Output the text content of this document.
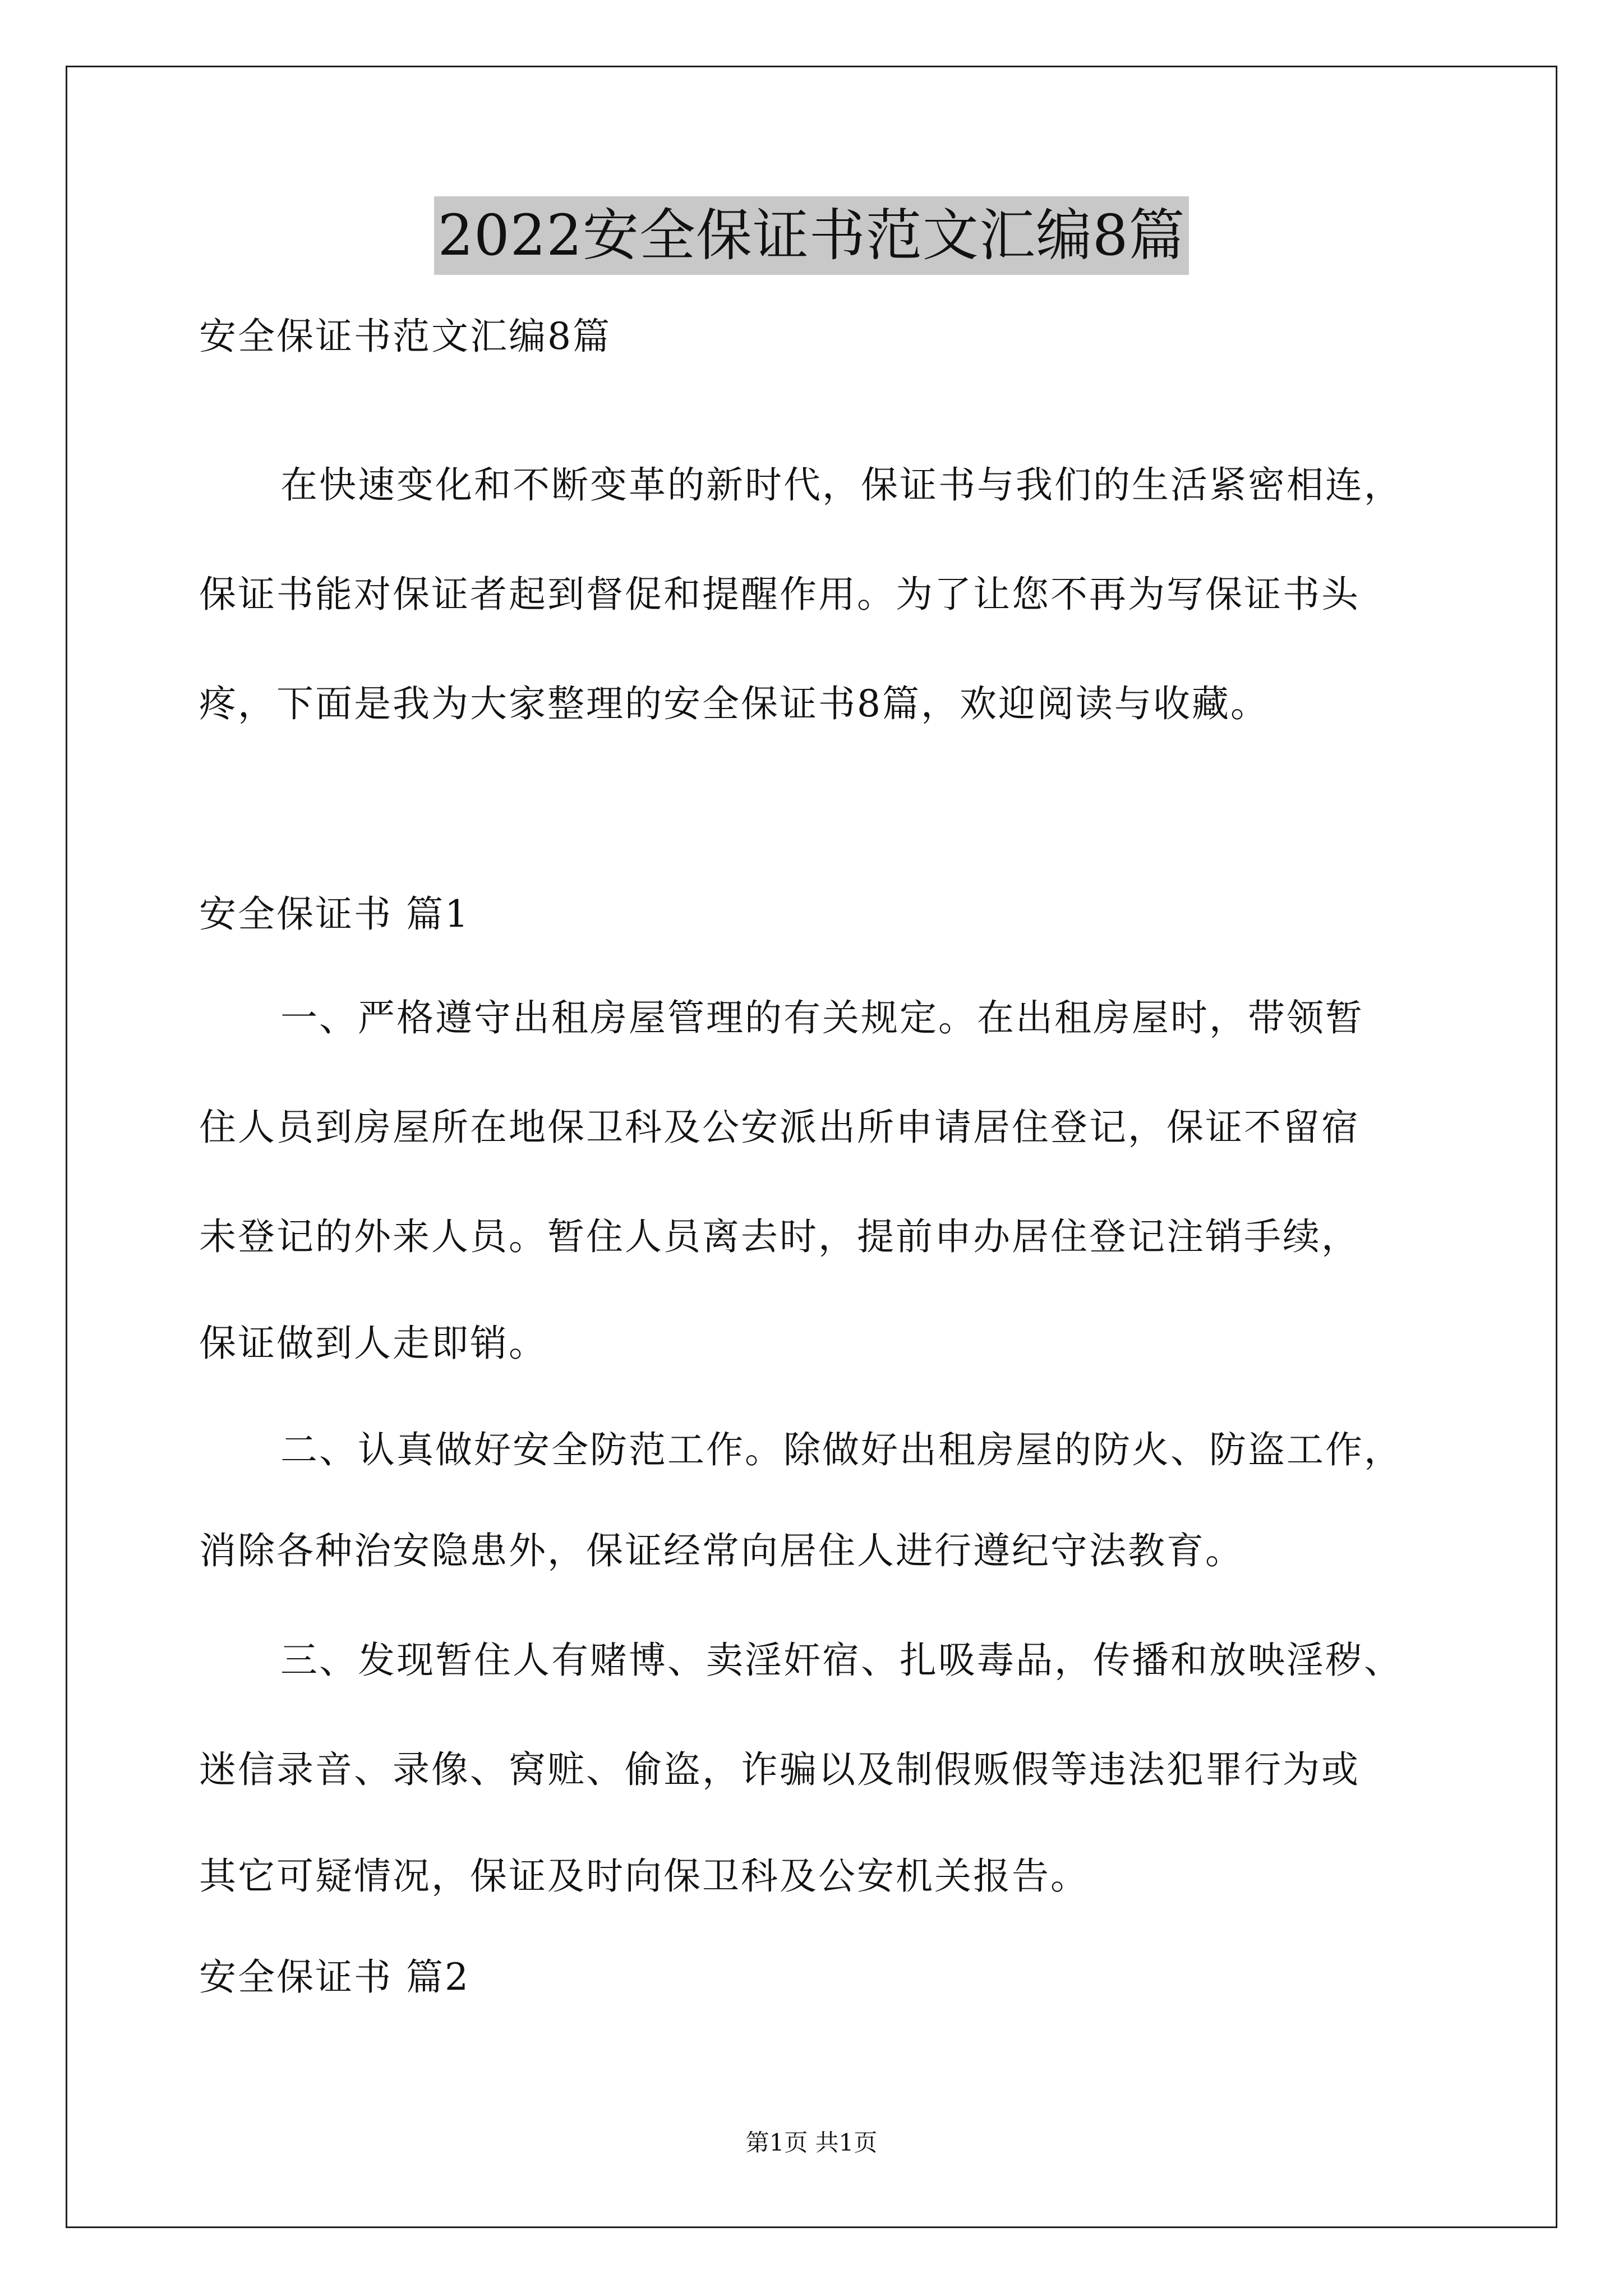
2022安全保证书范文汇编8篇
安全保证书范文汇编8篇
在快速变化和不断变革的新时代，保证书与我们的生活紧密相连，
保证书能对保证者起到督促和提醒作用。为了让您不再为写保证书头
疼，下面是我为大家整理的安全保证书8篇，欢迎阅读与收藏。
安全保证书 篇1
一、严格遵守出租房屋管理的有关规定。在出租房屋时，带领暂
住人员到房屋所在地保卫科及公安派出所申请居住登记，保证不留宿
未登记的外来人员。暂住人员离去时，提前申办居住登记注销手续，
保证做到人走即销。
二、认真做好安全防范工作。除做好出租房屋的防火、防盗工作，
消除各种治安隐患外，保证经常向居住人进行遵纪守法教育。
三、发现暂住人有赌博、卖淫奸宿、扎吸毒品，传播和放映淫秽、
迷信录音、录像、窝赃、偷盗，诈骗以及制假贩假等违法犯罪行为或
其它可疑情况，保证及时向保卫科及公安机关报告。
安全保证书 篇2
第1页 共1页
